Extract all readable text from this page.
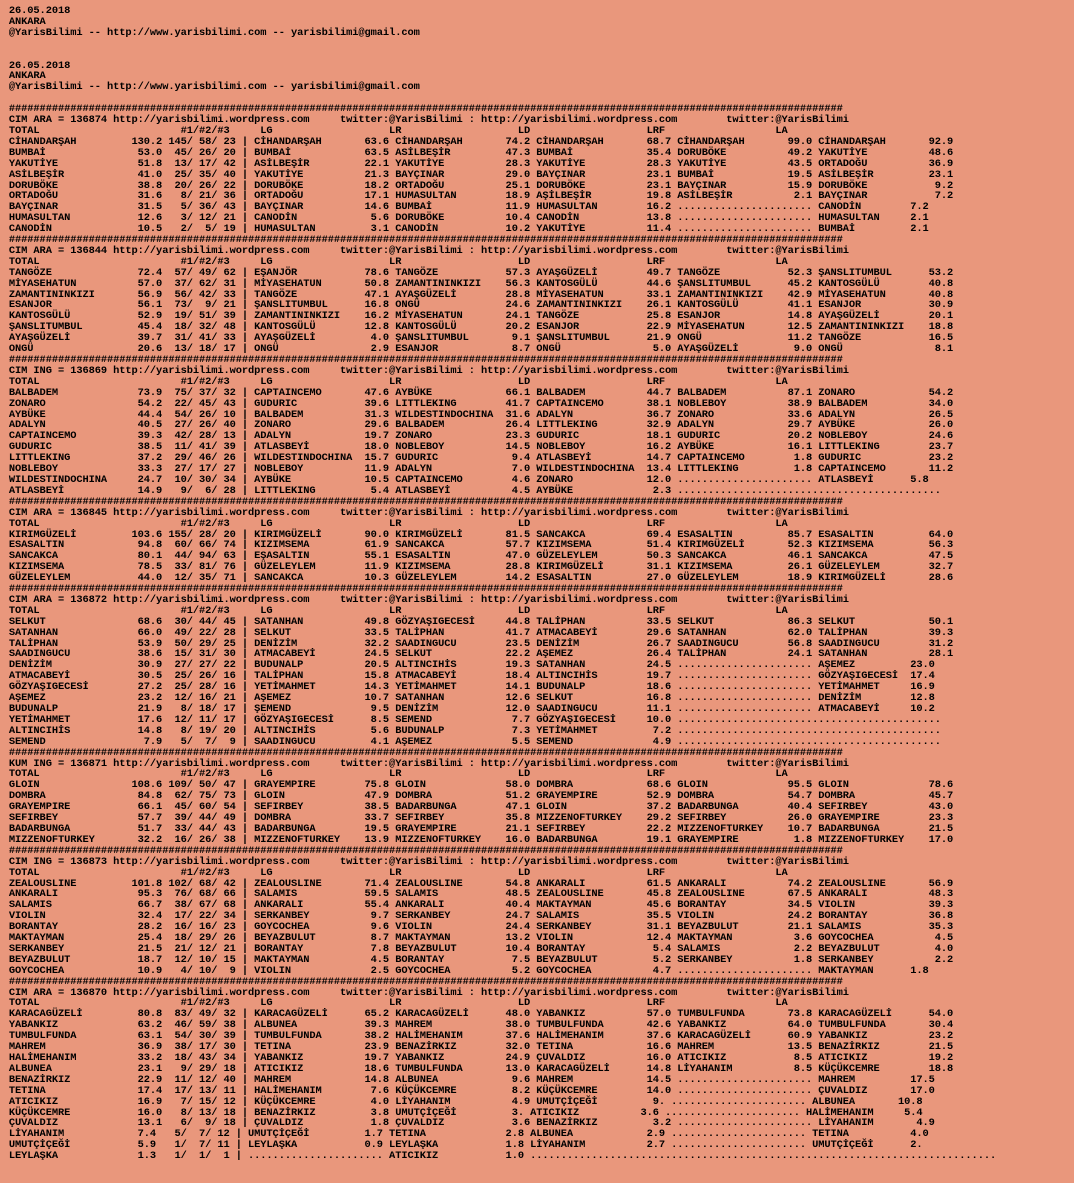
26.05.2018
ANKARA
@YarisBilimi -- http://www.yarisbilimi.com -- yarisbilimi@gmail.com

26.05.2018
ANKARA
@YarisBilimi -- http://www.yarisbilimi.com -- yarisbilimi@gmail.com

########################################################################################################################################
CIM ARA = 136874 http://yarisbilimi.wordpress.com     twitter:@YarisBilimi : http://yarisbilimi.wordpress.com        twitter:@YarisBilimi
TOTAL                       #1/#2/#3     LG                   LR                   LD                   LRF                  LA
CİHANDARŞAH         130.2 145/ 58/ 23 | CİHANDARŞAH       63.6 CİHANDARŞAH       74.2 CİHANDARŞAH       68.7 CİHANDARŞAH       99.0 CİHANDARŞAH       92.9
BUMBAİ               53.0  45/ 26/ 20 | BUMBAİ            63.5 ASİLBEŞİR         47.3 BUMBAİ            35.4 DORUBÖKE          49.2 YAKUTİYE          48.6
YAKUTİYE             51.8  13/ 17/ 42 | ASİLBEŞİR         22.1 YAKUTİYE          28.3 YAKUTİYE          28.3 YAKUTİYE          43.5 ORTADOĞU          36.9
ASİLBEŞİR            41.0  25/ 35/ 40 | YAKUTİYE          21.3 BAYÇINAR          29.0 BAYÇINAR          23.1 BUMBAİ            19.5 ASİLBEŞİR         23.1
DORUBÖKE             38.8  20/ 26/ 22 | DORUBÖKE          18.2 ORTADOĞU          25.1 DORUBÖKE          23.1 BAYÇINAR          15.9 DORUBÖKE           9.2
ORTADOĞU             31.6   8/ 21/ 36 | ORTADOĞU          17.1 HUMASULTAN        18.9 AŞİLBEŞİR         19.8 ASİLBEŞİR          2.1 BAYÇINAR           7.2
BAYÇINAR             31.5   5/ 36/ 43 | BAYÇINAR          14.6 BUMBAİ            11.9 HUMASULTAN        16.2 ...................... CANODİN        7.2
HUMASULTAN           12.6   3/ 12/ 21 | CANODİN            5.6 DORUBÖKE          10.4 CANODİN           13.8 ...................... HUMASULTAN     2.1
CANODİN              10.5   2/  5/ 19 | HUMASULTAN         3.1 CANODİN           10.2 YAKUTİYE          11.4 ...................... BUMBAİ         2.1
########################################################################################################################################
CIM ARA = 136844 http://yarisbilimi.wordpress.com     twitter:@YarisBilimi : http://yarisbilimi.wordpress.com        twitter:@YarisBilimi
TOTAL                       #1/#2/#3     LG                   LR                   LD                   LRF                  LA
TANGÖZE              72.4  57/ 49/ 62 | EŞANJÖR           78.6 TANGÖZE           57.3 AYAŞGÜZELİ        49.7 TANGÖZE           52.3 ŞANSLITUMBUL      53.2
MİYASEHATUN          57.0  37/ 62/ 31 | MİYASEHATUN       50.8 ZAMANTININKIZI    56.3 KANTOSGÜLÜ        44.6 ŞANSLITUMBUL      45.2 KANTOSGÜLÜ        40.8
ZAMANTININKIZI       56.9  56/ 42/ 33 | TANGÖZE           47.1 AYAŞGÜZELİ        28.8 MİYASEHATUN       33.1 ZAMANTININKIZI    42.9 MİYASEHATUN       40.8
ESANJOR              56.1  73/  9/ 21 | ŞANSLITUMBUL      16.8 ONGÜ              24.6 ZAMANTININKIZI    26.1 KANTOSGÜLÜ        41.1 ESANJOR           30.9
KANTOSGÜLÜ           52.9  19/ 51/ 39 | ZAMANTININKIZI    16.2 MİYASEHATUN       24.1 TANGÖZE           25.8 ESANJOR           14.8 AYAŞGÜZELİ        20.1
ŞANSLITUMBUL         45.4  18/ 32/ 48 | KANTOSGÜLÜ        12.8 KANTOSGÜLÜ        20.2 ESANJOR           22.9 MİYASEHATUN       12.5 ZAMANTININKIZI    18.8
AYAŞGÜZELİ           39.7  31/ 41/ 33 | AYAŞGÜZELİ         4.0 ŞANSLITUMBUL       9.1 ŞANSLITUMBUL      21.9 ONGÜ              11.2 TANGÖZE           16.5
ONGÜ                 20.6  13/ 18/ 17 | ONGÜ               2.9 ESANJOR            8.7 ONGÜ               5.0 AYAŞGÜZELİ         9.0 ONGÜ               8.1
########################################################################################################################################
CIM ING = 136869 http://yarisbilimi.wordpress.com     twitter:@YarisBilimi : http://yarisbilimi.wordpress.com        twitter:@YarisBilimi
TOTAL                       #1/#2/#3     LG                   LR                   LD                   LRF                  LA
BALBADEM             73.9  75/ 37/ 32 | CAPTAINCEMO       47.6 AYBÜKE            66.1 BALBADEM          44.7 BALBADEM          87.1 ZONARO            54.2
ZONARO               54.2  22/ 45/ 43 | GUDURIC           39.6 LITTLEKING        41.7 CAPTAINCEMO       38.1 NOBLEBOY          38.9 BALBADEM          34.0
AYBÜKE               44.4  54/ 26/ 10 | BALBADEM          31.3 WILDESTINDOCHINA  31.6 ADALYN            36.7 ZONARO            33.6 ADALYN            26.5
ADALYN               40.5  27/ 26/ 40 | ZONARO            29.6 BALBADEM          26.4 LITTLEKING        32.9 ADALYN            29.7 AYBÜKE            26.0
CAPTAINCEMO          39.3  42/ 28/ 13 | ADALYN            19.7 ZONARO            23.3 GUDURIC           18.1 GUDURIC           20.2 NOBLEBOY          24.6
GUDURIC              38.5  11/ 41/ 39 | ATLASBEYİ         18.0 NOBLEBOY          14.5 NOBLEBOY          16.2 AYBÜKE            16.1 LITTLEKING        23.7
LITTLEKING           37.2  29/ 46/ 26 | WILDESTINDOCHINA  15.7 GUDURIC            9.4 ATLASBEYİ         14.7 CAPTAINCEMO        1.8 GUDURIC           23.2
NOBLEBOY             33.3  27/ 17/ 27 | NOBLEBOY          11.9 ADALYN             7.0 WILDESTINDOCHINA  13.4 LITTLEKING         1.8 CAPTAINCEMO       11.2
WILDESTINDOCHINA     24.7  10/ 30/ 34 | AYBÜKE            10.5 CAPTAINCEMO        4.6 ZONARO            12.0 ...................... ATLASBEYİ      5.8
ATLASBEYİ            14.9   9/  6/ 28 | LITTLEKING         5.4 ATLASBEYİ          4.5 AYBÜKE             2.3 ...........................................
########################################################################################################################################
CIM ARA = 136845 http://yarisbilimi.wordpress.com     twitter:@YarisBilimi : http://yarisbilimi.wordpress.com        twitter:@YarisBilimi
TOTAL                       #1/#2/#3     LG                   LR                   LD                   LRF                  LA
KIRIMGÜZELİ         103.6 155/ 28/ 20 | KIRIMGÜZELİ       90.0 KIRIMGÜZELİ       81.5 SANCAKCA          69.4 ESASALTIN         85.7 ESASALTIN         64.0
ESASALTIN            94.8  60/ 66/ 74 | KIZIMSEMA         61.9 SANCAKCA          57.7 KIZIMSEMA         51.4 KIRIMGÜZELİ       52.3 KIZIMSEMA         56.3
SANCAKCA             80.1  44/ 94/ 63 | EŞASALTIN         55.1 ESASALTIN         47.0 GÜZELEYLEM        50.3 SANCAKCA          46.1 SANCAKCA          47.5
KIZIMSEMA            78.5  33/ 81/ 76 | GÜZELEYLEM        11.9 KIZIMSEMA         28.8 KIRIMGÜZELİ       31.1 KIZIMSEMA         26.1 GÜZELEYLEM        32.7
GÜZELEYLEM           44.0  12/ 35/ 71 | SANCAKCA          10.3 GÜZELEYLEM        14.2 ESASALTIN         27.0 GÜZELEYLEM        18.9 KIRIMGÜZELİ       28.6
########################################################################################################################################
CIM ARA = 136872 http://yarisbilimi.wordpress.com     twitter:@YarisBilimi : http://yarisbilimi.wordpress.com        twitter:@YarisBilimi
TOTAL                       #1/#2/#3     LG                   LR                   LD                   LRF                  LA
SELKUT               68.6  30/ 44/ 45 | SATANHAN          49.8 GÖZYAŞIGECESİ     44.8 TALİPHAN          33.5 SELKUT            86.3 SELKUT            50.1
SATANHAN             66.0  49/ 22/ 28 | SELKUT            33.5 TALİPHAN          41.7 ATMACABEYİ        29.6 SATANHAN          62.0 TALİPHAN          39.3
TALİPHAN             53.9  50/ 29/ 25 | DENİZİM           32.2 SAADINGUCU        23.5 DENİZİM           26.7 SAADINGUCU        56.8 SAADINGUCU        31.2
SAADINGUCU           38.6  15/ 31/ 30 | ATMACABEYİ        24.5 SELKUT            22.2 AŞEMEZ            26.4 TALİPHAN          24.1 SATANHAN          28.1
DENİZİM              30.9  27/ 27/ 22 | BUDUNALP          20.5 ALTINCIHİS        19.3 SATANHAN          24.5 ...................... AŞEMEZ         23.0
ATMACABEYİ           30.5  25/ 26/ 16 | TALİPHAN          15.8 ATMACABEYİ        18.4 ALTINCIHİS        19.7 ...................... GÖZYAŞIGECESİ  17.4
GÖZYAŞIGECESİ        27.2  25/ 28/ 16 | YETİMAHMET        14.3 YETİMAHMET        14.1 BUDUNALP          18.6 ...................... YETİMAHMET     16.9
AŞEMEZ               23.2  12/ 16/ 21 | AŞEMEZ            10.7 SATANHAN          12.6 SELKUT            16.8 ...................... DENİZİM        12.8
BUDUNALP             21.9   8/ 18/ 17 | ŞEMEND             9.5 DENİZİM           12.0 SAADINGUCU        11.1 ...................... ATMACABEYİ     10.2
YETİMAHMET           17.6  12/ 11/ 17 | GÖZYAŞIGECESİ      8.5 SEMEND             7.7 GÖZYAŞIGECESİ     10.0 ...........................................
ALTINCIHİS           14.8   8/ 19/ 20 | ALTINCIHİS         5.6 BUDUNALP           7.3 YETİMAHMET         7.2 ...........................................
SEMEND                7.9   5/  7/  9 | SAADINGUCU         4.1 AŞEMEZ             5.5 SEMEND             4.9 ...........................................
########################################################################################################################################
KUM ING = 136871 http://yarisbilimi.wordpress.com     twitter:@YarisBilimi : http://yarisbilimi.wordpress.com        twitter:@YarisBilimi
TOTAL                       #1/#2/#3     LG                   LR                   LD                   LRF                  LA
GLOIN               108.6 109/ 50/ 47 | GRAYEMPIRE        75.8 GLOIN             58.0 DOMBRA            68.6 GLOIN             95.5 GLOIN             78.6
DOMBRA               84.8  62/ 75/ 73 | GLOIN             47.9 DOMBRA            51.2 GRAYEMPIRE        52.9 DOMBRA            54.7 DOMBRA            45.7
GRAYEMPIRE           66.1  45/ 60/ 54 | SEFIRBEY          38.5 BADARBUNGA        47.1 GLOIN             37.2 BADARBUNGA        40.4 SEFIRBEY          43.0
SEFIRBEY             57.7  39/ 44/ 49 | DOMBRA            33.7 SEFIRBEY          35.8 MIZZENOFTURKEY    29.2 SEFIRBEY          26.0 GRAYEMPIRE        23.3
BADARBUNGA           51.7  33/ 44/ 43 | BADARBUNGA        19.5 GRAYEMPIRE        21.1 SEFIRBEY          22.2 MIZZENOFTURKEY    10.7 BADARBUNGA        21.5
MIZZENOFTURKEY       32.2  16/ 26/ 38 | MIZZENOFTURKEY    13.9 MIZZENOFTURKEY    16.0 BADARBUNGA        19.1 GRAYEMPIRE         1.8 MIZZENOFTURKEY    17.0
########################################################################################################################################
CIM ING = 136873 http://yarisbilimi.wordpress.com     twitter:@YarisBilimi : http://yarisbilimi.wordpress.com        twitter:@YarisBilimi
TOTAL                       #1/#2/#3     LG                   LR                   LD                   LRF                  LA
ZEALOUSLINE         101.8 102/ 68/ 42 | ZEALOUSLINE       71.4 ZEALOUSLINE       54.8 ANKARALI          61.5 ANKARALI          74.2 ZEALOUSLINE       56.9
ANKARALI             95.3  76/ 68/ 66 | SALAMIS           59.5 SALAMIS           48.5 ZEALOUSLINE       45.8 ZEALOUSLINE       67.5 ANKARALI          48.3
SALAMIS              66.7  38/ 67/ 68 | ANKARALI          55.4 ANKARALI          40.4 MAKTAYMAN         45.6 BORANTAY          34.5 VIOLIN            39.3
VIOLIN               32.4  17/ 22/ 34 | SERKANBEY          9.7 SERKANBEY         24.7 SALAMIS           35.5 VIOLIN            24.2 BORANTAY          36.8
BORANTAY             28.2  16/ 16/ 23 | GOYCOCHEA          9.6 VIOLIN            24.4 SERKANBEY         31.1 BEYAZBULUT        21.1 SALAMIS           35.3
MAKTAYMAN            25.4  18/ 29/ 26 | BEYAZBULUT         8.7 MAKTAYMAN         13.2 VIOLIN            12.4 MAKTAYMAN          3.6 GOYCOCHEA          4.5
SERKANBEY            21.5  21/ 12/ 21 | BORANTAY           7.8 BEYAZBULUT        10.4 BORANTAY           5.4 SALAMIS            2.2 BEYAZBULUT         4.0
BEYAZBULUT           18.7  12/ 10/ 15 | MAKTAYMAN          4.5 BORANTAY           7.5 BEYAZBULUT         5.2 SERKANBEY          1.8 SERKANBEY          2.2
GOYCOCHEA            10.9   4/ 10/  9 | VIOLIN             2.5 GOYCOCHEA          5.2 GOYCOCHEA          4.7 ...................... MAKTAYMAN      1.8
########################################################################################################################################
CIM ARA = 136870 http://yarisbilimi.wordpress.com     twitter:@YarisBilimi : http://yarisbilimi.wordpress.com        twitter:@YarisBilimi
TOTAL                       #1/#2/#3     LG                   LR                   LD                   LRF                  LA
KARACAGÜZELİ         80.8  83/ 49/ 32 | KARACAGÜZELİ      65.2 KARACAGÜZELİ      48.0 YABANKIZ          57.0 TUMBULFUNDA       73.8 KARACAGÜZELİ      54.0
YABANKIZ             63.2  46/ 59/ 38 | ALBUNEA           39.3 MAHREM            38.0 TUMBULFUNDA       42.6 YABANKIZ          64.0 TUMBULFUNDA       30.4
TUMBULFUNDA          63.1  54/ 30/ 39 | TUMBULFUNDA       38.2 HALİMEHANIM       37.6 HALİMEHANIM       37.6 KARACAGÜZELİ      60.9 YABANKIZ          23.2
MAHREM               36.9  38/ 17/ 30 | TETINA            23.9 BENAZİRKIZ        32.0 TETINA            16.6 MAHREM            13.5 BENAZİRKIZ        21.5
HALİMEHANIM          33.2  18/ 43/ 34 | YABANKIZ          19.7 YABANKIZ          24.9 ÇUVALDIZ          16.0 ATICIKIZ           8.5 ATICIKIZ          19.2
ALBUNEA              23.1   9/ 29/ 18 | ATICIKIZ          18.6 TUMBULFUNDA       13.0 KARACAGÜZELİ      14.8 LİYAHANIM          8.5 KÜÇÜKCEMRE        18.8
BENAZİRKIZ           22.9  11/ 12/ 40 | MAHREM            14.8 ALBUNEA            9.6 MAHREM            14.5 ...................... MAHREM         17.5
TETINA               17.4  17/ 13/ 11 | HALİMEHANIM        7.6 KÜÇÜKCEMRE         8.2 KÜÇÜKCEMRE        14.0 ...................... ÇUVALDIZ       17.0
ATICIKIZ             16.9   7/ 15/ 12 | KÜÇÜKCEMRE         4.0 LİYAHANIM          4.9 UMUTÇİÇEĞİ         9. ...................... ALBUNEA       10.8
KÜÇÜKCEMRE           16.0   8/ 13/ 18 | BENAZİRKIZ         3.8 UMUTÇİÇEĞİ         3. ATICIKIZ          3.6 ...................... HALİMEHANIM     5.4
ÇUVALDIZ             13.1   6/  9/ 18 | ÇUVALDIZ           1.8 ÇUVALDIZ           3.6 BENAZİRKIZ         3.2 ...................... LİYAHANIM       4.9
LİYAHANIM            7.4   5/  7/ 12 | UMUTÇİÇEĞİ         1.7 TETINA             2.8 ALBUNEA            2.9 ...................... TETINA          4.0
UMUTÇİÇEĞİ           5.9   1/  7/ 11 | LEYLAŞKA           0.9 LEYLAŞKA           1.8 LİYAHANIM          2.7 ...................... UMUTÇİÇEĞİ      2.
LEYLAŞKA             1.3   1/  1/  1 | ...................... ATICIKIZ           1.0 ............................................................................
